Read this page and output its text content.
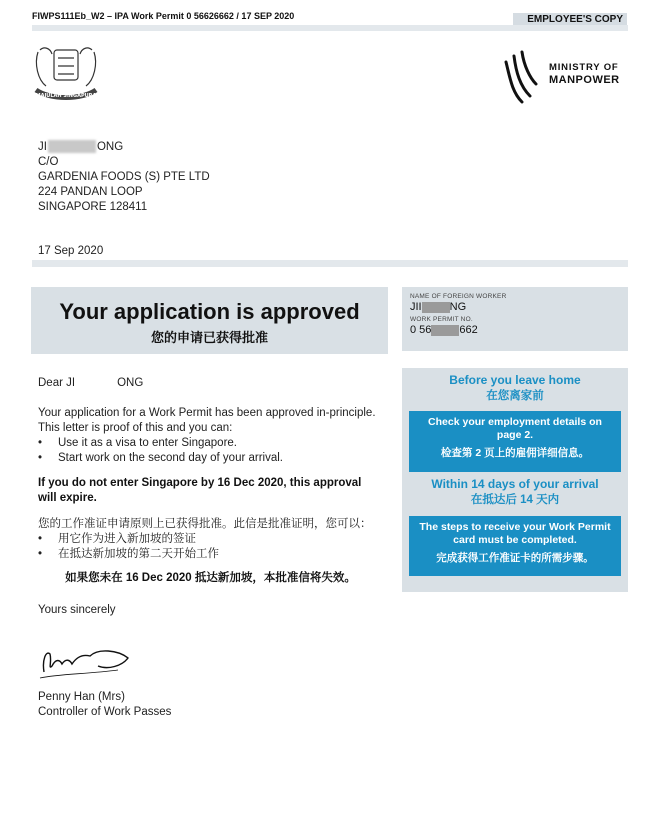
FIWPS111Eb_W2 – IPA Work Permit 0 56626662 / 17 SEP 2020	EMPLOYEE'S COPY
MAJULAH SINGAPURA
MINISTRY OF
MANPOWER
JI	ONG
C/O
GARDENIA FOODS (S) PTE LTD
224 PANDAN LOOP
SINGAPORE 128411
17 Sep 2020
Your application is approved
您的申请已获得批准
NAME OF FOREIGN WORKER
JII	NG
WORK PERMIT NO.
0 56	662

Dear JI	ONG

Your application for a Work Permit has been approved in-principle. This letter is proof of this and you can:

• Use it as a visa to enter Singapore.
• Start work on the second day of your arrival.

If you do not enter Singapore by 16 Dec 2020, this approval will expire.

您的工作准证申请原则上已获得批准。此信是批准证明，您可以：

• 用它作为进入新加坡的签证
• 在抵达新加坡的第二天开始工作

如果您未在 16 Dec 2020 抵达新加坡，本批准信将失效。

Yours sincerely

Penny Han (Mrs)
Controller of Work Passes
Before you leave home
在您离家前
Check your employment details on page 2.
检查第 2 页上的雇佣详细信息。
Within 14 days of your arrival
在抵达后 14 天内
The steps to receive your Work Permit card must be completed.
完成获得工作准证卡的所需步骤。
